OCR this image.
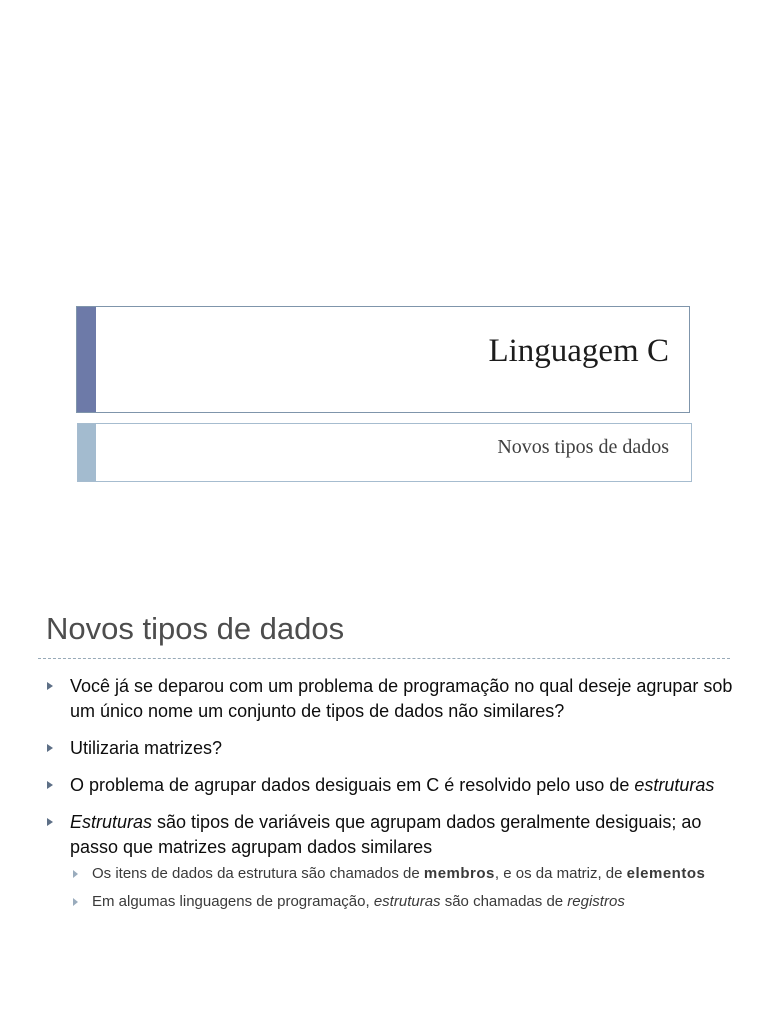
Linguagem C
Novos tipos de dados
Novos tipos de dados
Você já se deparou com um problema de programação no qual deseje agrupar sob um único nome um conjunto de tipos de dados não similares?
Utilizaria matrizes?
O problema de agrupar dados desiguais em C é resolvido pelo uso de estruturas
Estruturas são tipos de variáveis que agrupam dados geralmente desiguais; ao passo que matrizes agrupam dados similares
Os itens de dados da estrutura são chamados de membros, e os da matriz, de elementos
Em algumas linguagens de programação, estruturas são chamadas de registros
